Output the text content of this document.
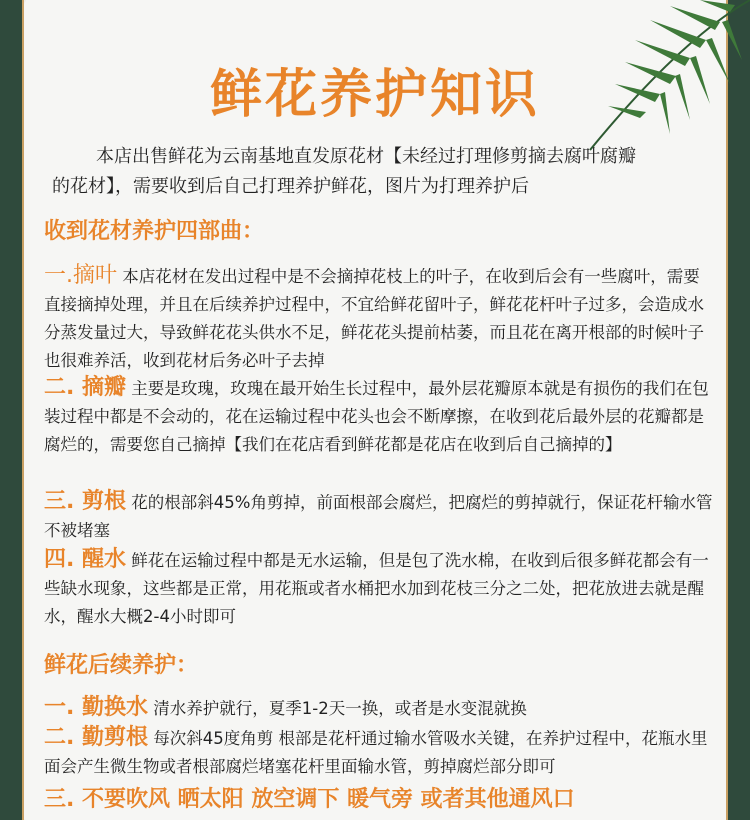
鲜花养护知识
本店出售鲜花为云南基地直发原花材【未经过打理修剪摘去腐叶腐瓣
的花材】，需要收到后自己打理养护鲜花，图片为打理养护后
收到花材养护四部曲：
一.摘叶 本店花材在发出过程中是不会摘掉花枝上的叶子，在收到后会有一些腐叶，需要直接摘掉处理，并且在后续养护过程中，不宜给鲜花留叶子，鲜花花杆叶子过多，会造成水分蒸发量过大，导致鲜花花头供水不足，鲜花花头提前枯萎，而且花在离开根部的时候叶子也很难养活，收到花材后务必叶子去掉
二. 摘瓣 主要是玫瑰，玫瑰在最开始生长过程中，最外层花瓣原本就是有损伤的我们在包装过程中都是不会动的，花在运输过程中花头也会不断摩擦，在收到花后最外层的花瓣都是腐烂的，需要您自己摘掉【我们在花店看到鲜花都是花店在收到后自己摘掉的】
三. 剪根 花的根部斜45%角剪掉，前面根部会腐烂，把腐烂的剪掉就行，保证花杆输水管不被堵塞
四. 醒水 鲜花在运输过程中都是无水运输，但是包了洗水棉，在收到后很多鲜花都会有一些缺水现象，这些都是正常，用花瓶或者水桶把水加到花枝三分之二处，把花放进去就是醒水，醒水大概2-4小时即可
鲜花后续养护：
一. 勤换水 清水养护就行，夏季1-2天一换，或者是水变混就换
二. 勤剪根 每次斜45度角剪 根部是花杆通过输水管吸水关键，在养护过程中，花瓶水里面会产生微生物或者根部腐烂堵塞花杆里面输水管，剪掉腐烂部分即可
三. 不要吹风 晒太阳 放空调下 暖气旁 或者其他通风口
